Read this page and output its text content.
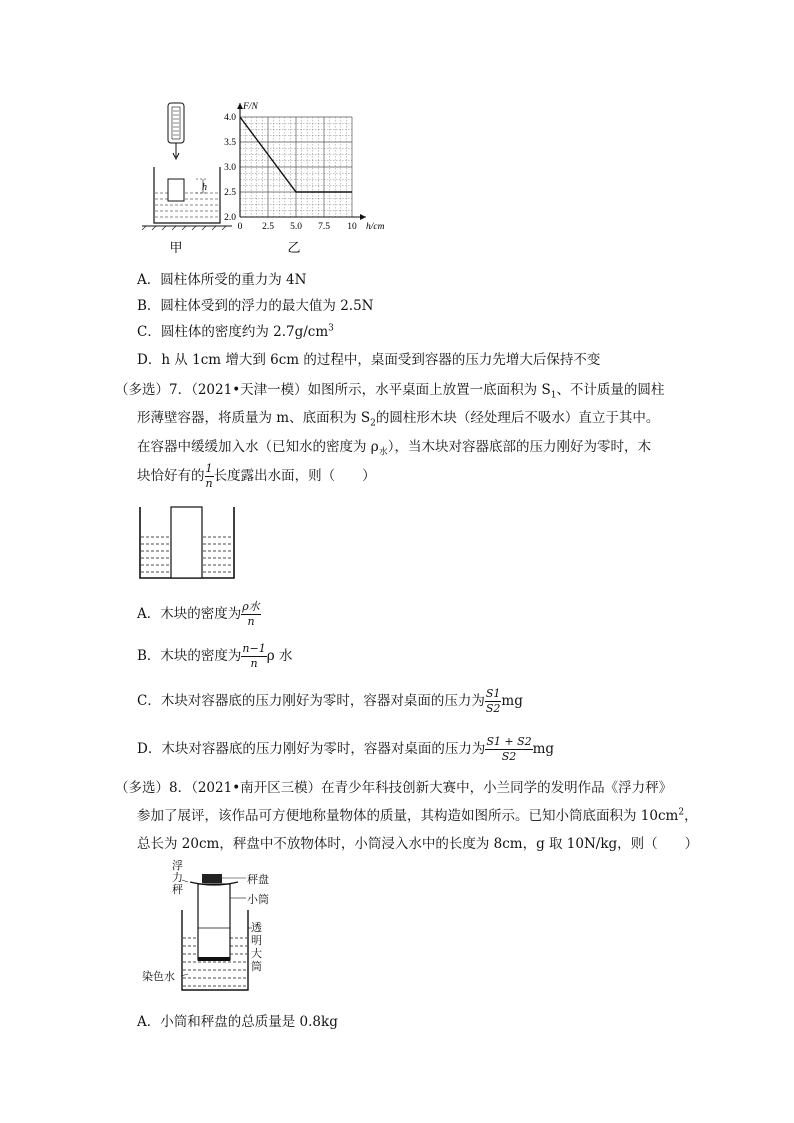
h
甲
0 2.5 5.0 7.5 10
4.0
3.5
3.0
2.5
2.0
h/cm
F/N
乙
A．圆柱体所受的重力为 4N
B．圆柱体受到的浮力的最大值为 2.5N
C．圆柱体的密度约为 $2.7g/cm^3$
D．h 从 1cm 增大到 6cm 的过程中，桌面受到容器的压力先增大后保持不变
（多选）7．（2021•天津一模）如图所示，水平桌面上放置一底面积为 $S_1$、不计质量的圆柱
形薄壁容器，将质量为 m、底面积为 $S_2$的圆柱形木块（经处理后不吸水）直立于其中。
在容器中缓缓加入水（已知水的密度为 $\rho_水$），当木块对容器底部的压力刚好为零时，木
块恰好有的 $\frac{1}{n}$ 长度露出水面，则（　　）
A．木块的密度为 $\frac{\text{ρ水}}{n}$
B．木块的密度为 $\frac{n-1}{n}$ ρ 水
C．木块对容器底的压力刚好为零时，容器对桌面的压力为 $\frac{S1}{S2}$ mg
D．木块对容器底的压力刚好为零时，容器对桌面的压力为 $\frac{S1 + S2}{S2}$ mg
（多选）8．（2021•南开区三模）在青少年科技创新大赛中，小兰同学的发明作品《浮力秤》
参加了展评，该作品可方便地称量物体的质量，其构造如图所示。已知小筒底面积为 $10cm^2$，
总长为 20cm，秤盘中不放物体时，小筒浸入水中的长度为 8cm，g 取 10N/kg，则（　　）
浮力秤
秤盘
小筒
透明大筒
染色水
A．小筒和秤盘的总质量是 0.8kg
